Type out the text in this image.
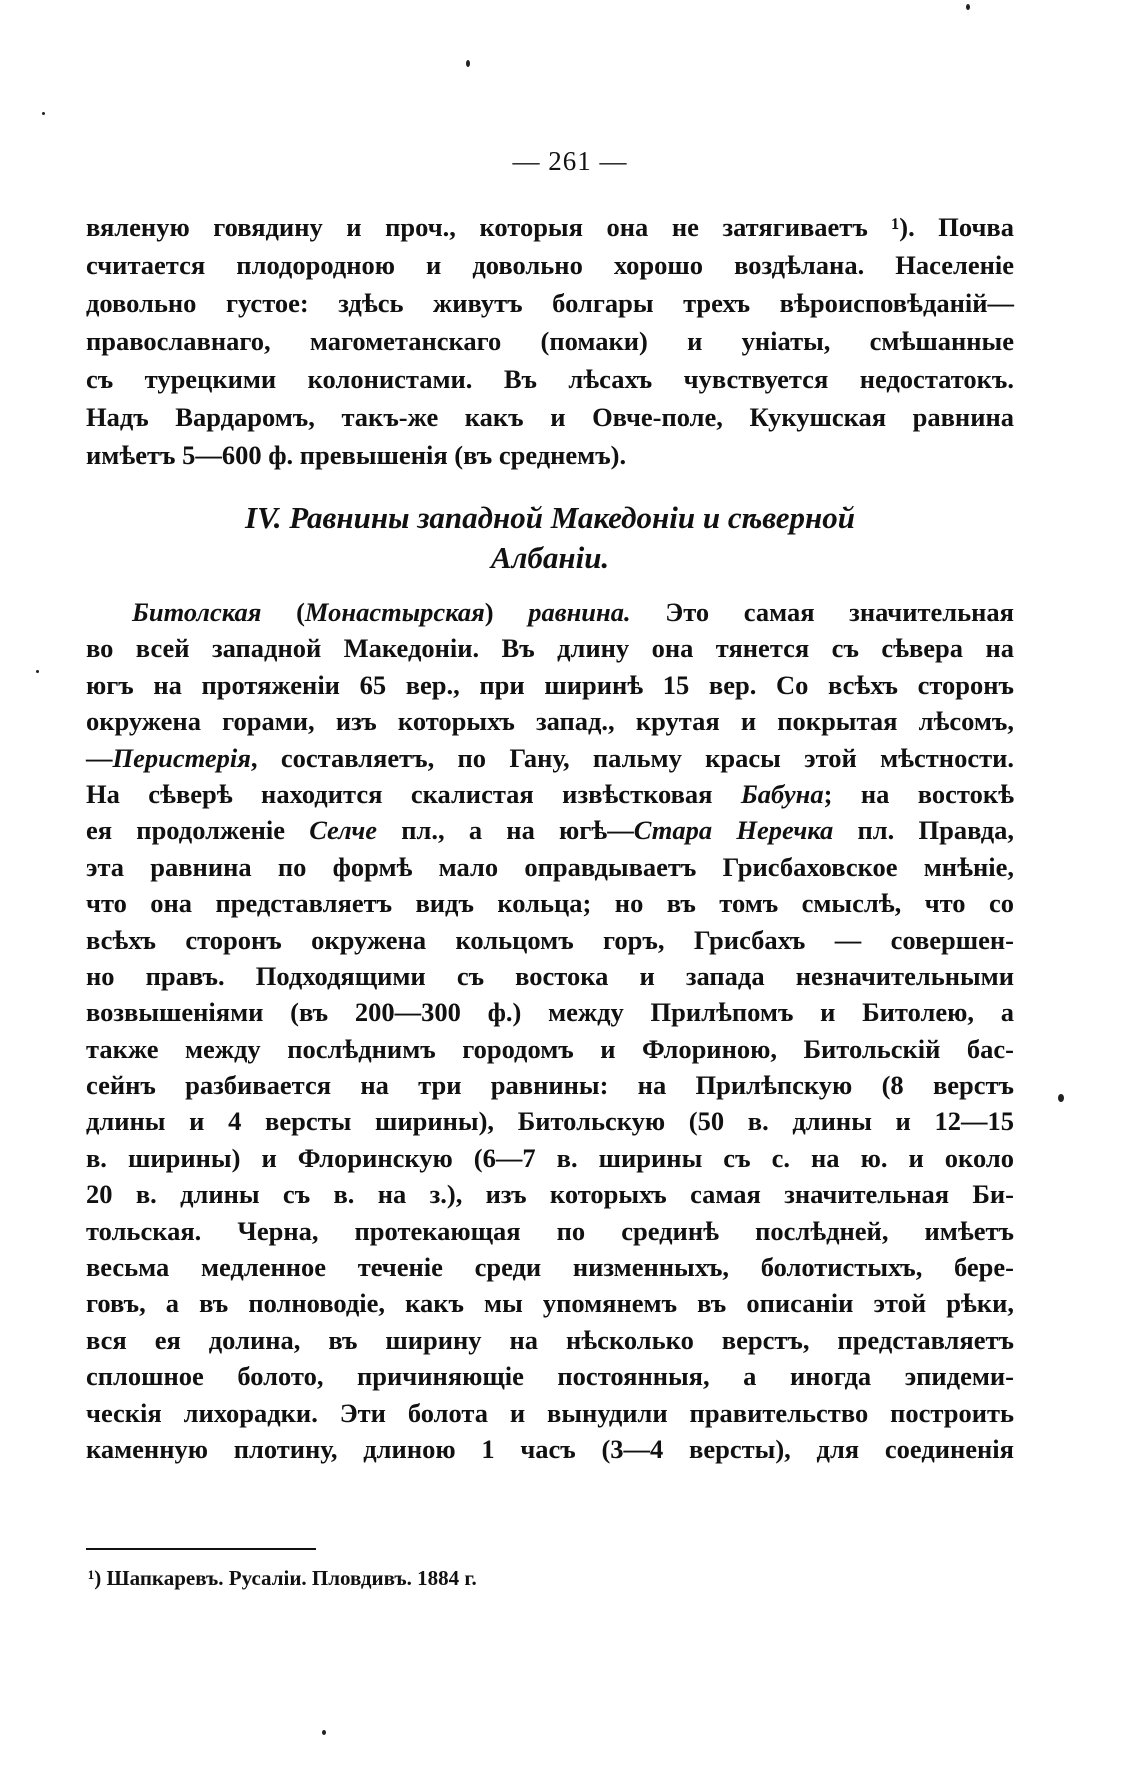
— 261 —
вяленую говядину и проч., которыя она не затягиваетъ ¹). Почва
считается плодородною и довольно хорошо воздѣлана. Населеніе
довольно густое: здѣсь живутъ болгары трехъ вѣроисповѣданій—
православнаго, магометанскаго (помаки) и уніаты, смѣшанные
съ турецкими колонистами. Въ лѣсахъ чувствуется недостатокъ.
Надъ Вардаромъ, такъ-же какъ и Овче-поле, Кукушская равнина
имѣетъ 5—600 ф. превышенія (въ среднемъ).
IV. Равнины западной Македоніи и сѣверной
Албаніи.
Битолская (Монастырская) равнина. Это самая значительная
во всей западной Македоніи. Въ длину она тянется съ сѣвера на
югъ на протяженіи 65 вер., при ширинѣ 15 вер. Со всѣхъ сторонъ
окружена горами, изъ которыхъ запад., крутая и покрытая лѣсомъ,
—Перистерія, составляетъ, по Гану, пальму красы этой мѣстности.
На сѣверѣ находится скалистая извѣстковая Бабуна; на востокѣ
ея продолженіе Селче пл., а на югѣ—Стара Неречка пл. Правда,
эта равнина по формѣ мало оправдываетъ Грисбаховское мнѣніе,
что она представляетъ видъ кольца; но въ томъ смыслѣ, что со
всѣхъ сторонъ окружена кольцомъ горъ, Грисбахъ — совершен-
но правъ. Подходящими съ востока и запада незначительными
возвышеніями (въ 200—300 ф.) между Прилѣпомъ и Битолею, а
также между послѣднимъ городомъ и Флориною, Битольскій бас-
сейнъ разбивается на три равнины: на Прилѣпскую (8 верстъ
длины и 4 версты ширины), Битольскую (50 в. длины и 12—15
в. ширины) и Флоринскую (6—7 в. ширины съ с. на ю. и около
20 в. длины съ в. на з.), изъ которыхъ самая значительная Би-
тольская. Черна, протекающая по срединѣ послѣдней, имѣетъ
весьма медленное теченіе среди низменныхъ, болотистыхъ, бере-
говъ, а въ полноводіе, какъ мы упомянемъ въ описаніи этой рѣки,
вся ея долина, въ ширину на нѣсколько верстъ, представляетъ
сплошное болото, причиняющіе постоянныя, а иногда эпидеми-
ческія лихорадки. Эти болота и вынудили правительство построить
каменную плотину, длиною 1 часъ (3—4 версты), для соединенія
¹) Шапкаревъ. Русаліи. Пловдивъ. 1884 г.
